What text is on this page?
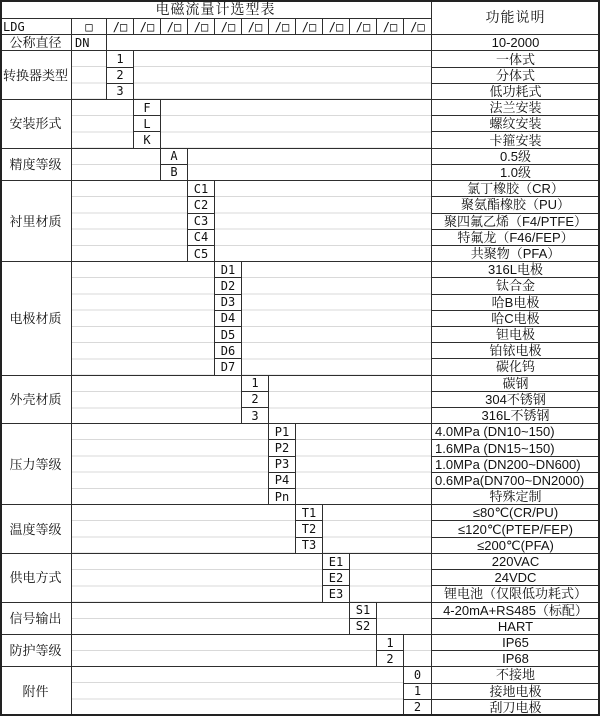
电磁流量计选型表
功能说明
LDG	□	/□	/□	/□	/□	/□	/□	/□	/□	/□	/□	/□	/□
公称直径	DN	10-2000
转换器类型
1	一体式
2	分体式
3	低功耗式
安装形式
F	法兰安装
L	螺纹安装
K	卡箍安装
精度等级
A	0.5级
B	1.0级
衬里材质
C1	氯丁橡胶（CR）
C2	聚氨酯橡胶（PU）
C3	聚四氟乙烯（F4/PTFE）
C4	特氟龙（F46/FEP）
C5	共聚物（PFA）
电极材质
D1	316L电极
D2	钛合金
D3	哈B电极
D4	哈C电极
D5	钽电极
D6	铂铱电极
D7	碳化钨
外壳材质
1	碳钢
2	304不锈钢
3	316L不锈钢
压力等级
P1	4.0MPa (DN10~150)
P2	1.6MPa (DN15~150)
P3	1.0MPa (DN200~DN600)
P4	0.6MPa(DN700~DN2000)
Pn	特殊定制
温度等级
T1	≤80℃(CR/PU)
T2	≤120℃(PTEP/FEP)
T3	≤200℃(PFA)
供电方式
E1	220VAC
E2	24VDC
E3	锂电池（仅限低功耗式）
信号输出
S1	4-20mA+RS485（标配）
S2	HART
防护等级
1	IP65
2	IP68
附件
0	不接地
1	接地电极
2	刮刀电极
